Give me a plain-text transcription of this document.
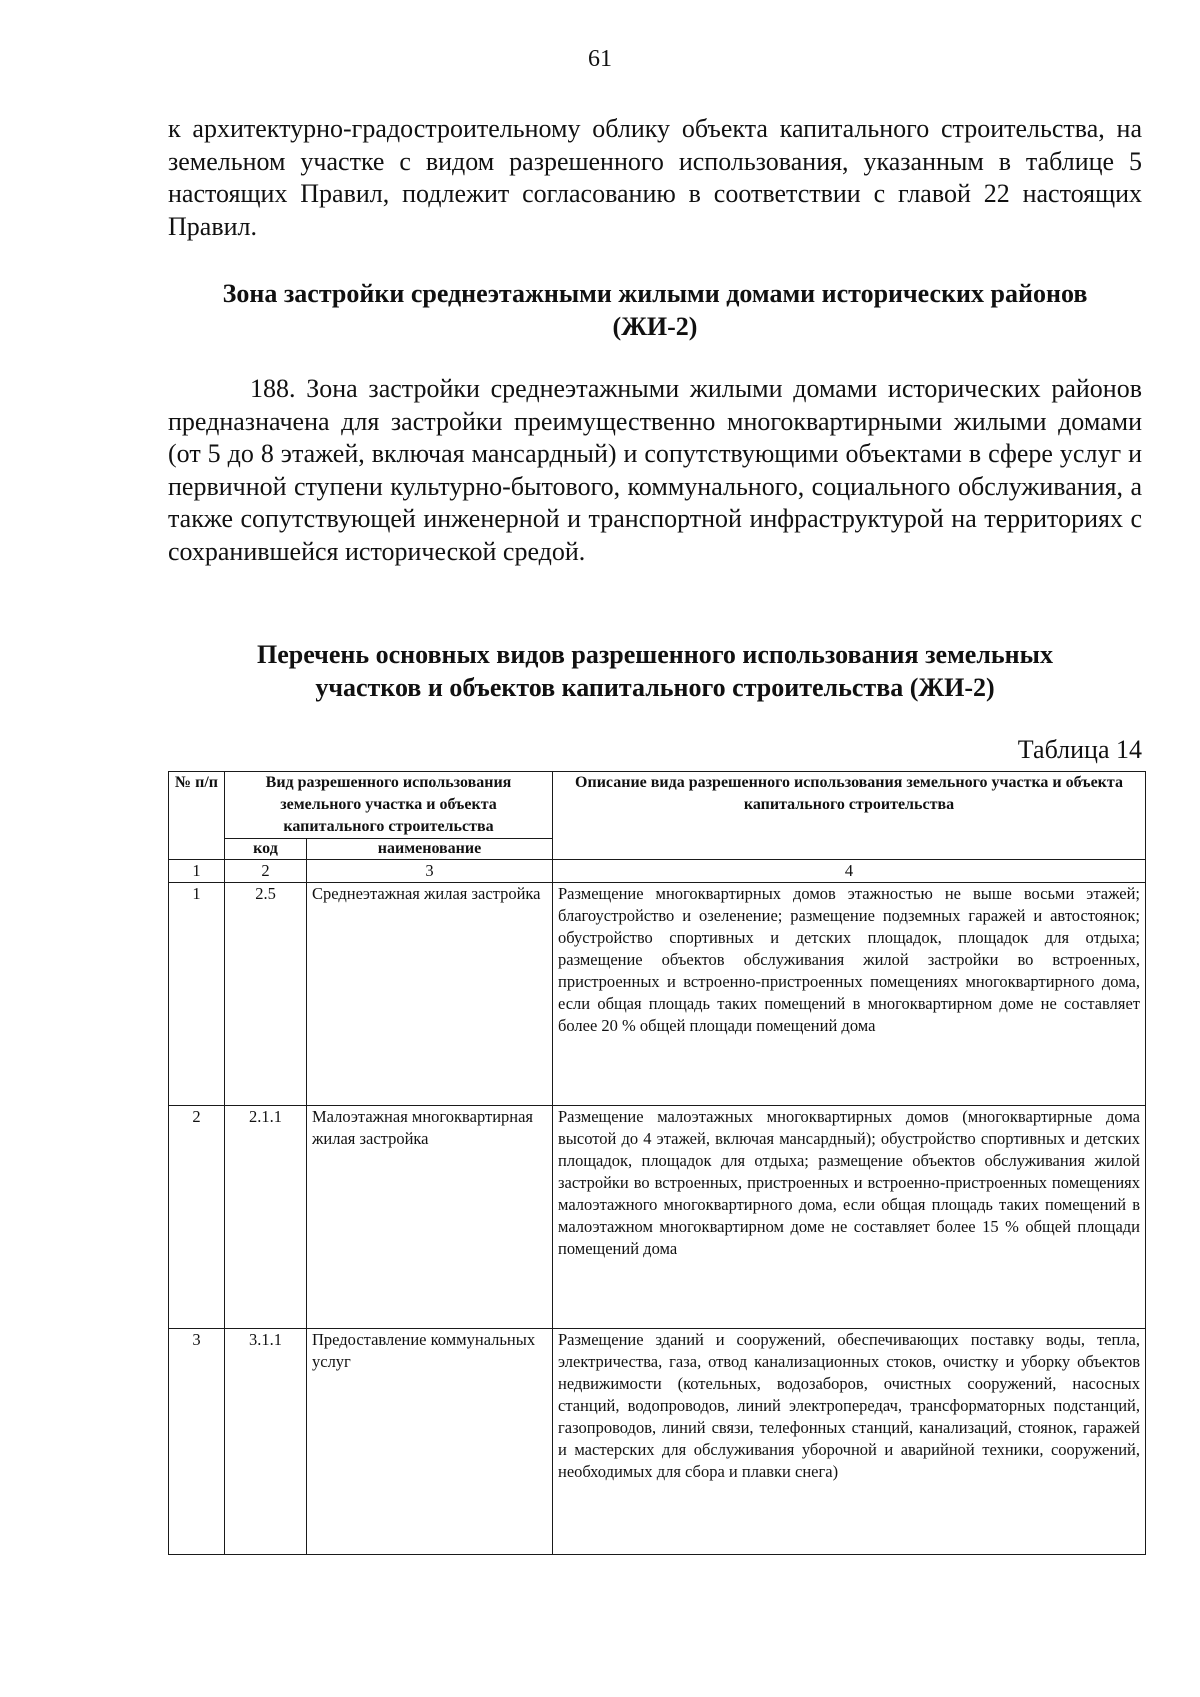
61

к архитектурно-градостроительному облику объекта капитального строительства, на земельном участке с видом разрешенного использования, указанным в таблице 5 настоящих Правил, подлежит согласованию в соответствии с главой 22 настоящих Правил.

Зона застройки среднеэтажными жилыми домами исторических районов
(ЖИ-2)

188. Зона застройки среднеэтажными жилыми домами исторических районов предназначена для застройки преимущественно многоквартирными жилыми домами (от 5 до 8 этажей, включая мансардный) и сопутствующими объектами в сфере услуг и первичной ступени культурно-бытового, коммунального, социального обслуживания, а также сопутствующей инженерной и транспортной инфраструктурой на территориях с сохранившейся исторической средой.

Перечень основных видов разрешенного использования земельных
участков и объектов капитального строительства (ЖИ-2)
Таблица 14
№ п/п	Вид разрешенного использования земельного участка и объекта капитального строительства		Описание вида разрешенного использования земельного участка и объекта капитального строительства
	код	наименование	
1	2	3	4
1	2.5	Среднеэтажная жилая застройка	Размещение многоквартирных домов этажностью не выше восьми этажей; благоустройство и озеленение; размещение подземных гаражей и автостоянок; обустройство спортивных и детских площадок, площадок для отдыха; размещение объектов обслуживания жилой застройки во встроенных, пристроенных и встроенно-пристроенных помещениях многоквартирного дома, если общая площадь таких помещений в многоквартирном доме не составляет более 20 % общей площади помещений дома
2	2.1.1	Малоэтажная многоквартирная жилая застройка	Размещение малоэтажных многоквартирных домов (многоквартирные дома высотой до 4 этажей, включая мансардный); обустройство спортивных и детских площадок, площадок для отдыха; размещение объектов обслуживания жилой застройки во встроенных, пристроенных и встроенно-пристроенных помещениях малоэтажного многоквартирного дома, если общая площадь таких помещений в малоэтажном многоквартирном доме не составляет более 15 % общей площади помещений дома
3	3.1.1	Предоставление коммунальных услуг	Размещение зданий и сооружений, обеспечивающих поставку воды, тепла, электричества, газа, отвод канализационных стоков, очистку и уборку объектов недвижимости (котельных, водозаборов, очистных сооружений, насосных станций, водопроводов, линий электропередач, трансформаторных подстанций, газопроводов, линий связи, телефонных станций, канализаций, стоянок, гаражей и мастерских для обслуживания уборочной и аварийной техники, сооружений, необходимых для сбора и плавки снега)
